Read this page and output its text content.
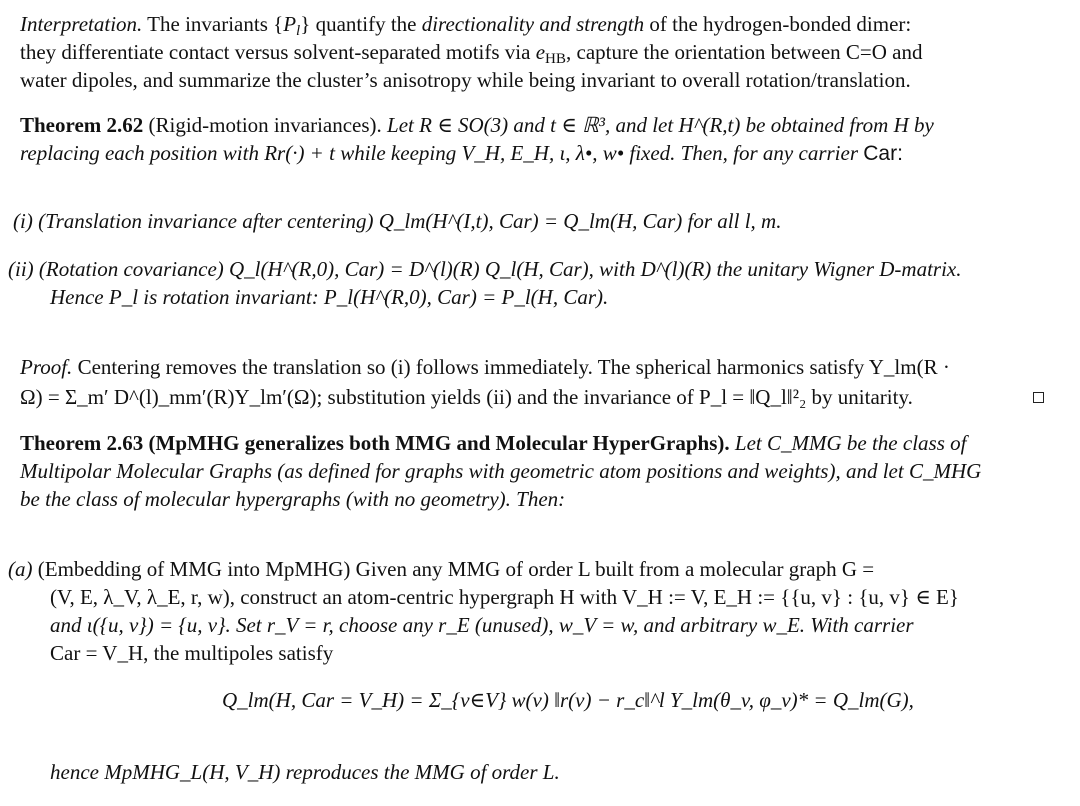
Interpretation. The invariants $\{P_l\}$ quantify the directionality and strength of the hydrogen-bonded dimer:
they differentiate contact versus solvent-separated motifs via $e_{HB}$, capture the orientation between C=O and
water dipoles, and summarize the cluster’s anisotropy while being invariant to overall rotation/translation.
Theorem 2.62 (Rigid-motion invariances). Let R ∈ SO(3) and t ∈ ℝ³, and let H^(R,t) be obtained from H by
replacing each position with Rr(·) + t while keeping V_H, E_H, ι, λ•, w• fixed. Then, for any carrier Car:
(i) (Translation invariance after centering) Q_lm(H^(I,t), Car) = Q_lm(H, Car) for all l, m.
(ii) (Rotation covariance) Q_l(H^(R,0), Car) = D^(l)(R) Q_l(H, Car), with D^(l)(R) the unitary Wigner D-matrix.
Hence P_l is rotation invariant: P_l(H^(R,0), Car) = P_l(H, Car).
Proof. Centering removes the translation so (i) follows immediately. The spherical harmonics satisfy Y_lm(R ·
Ω) = Σ_m′ D^(l)_mm′(R)Y_lm′(Ω); substitution yields (ii) and the invariance of P_l = ‖Q_l‖²₂ by unitarity.
Theorem 2.63 (MpMHG generalizes both MMG and Molecular HyperGraphs). Let C_MMG be the class of
Multipolar Molecular Graphs (as defined for graphs with geometric atom positions and weights), and let C_MHG
be the class of molecular hypergraphs (with no geometry). Then:
(a) (Embedding of MMG into MpMHG) Given any MMG of order L built from a molecular graph G =
(V, E, λ_V, λ_E, r, w), construct an atom-centric hypergraph H with V_H := V, E_H := {{u, v} : {u, v} ∈ E}
and ι({u, v}) = {u, v}. Set r_V = r, choose any r_E (unused), w_V = w, and arbitrary w_E. With carrier
Car = V_H, the multipoles satisfy
Q_lm(H, Car = V_H) = Σ_{v∈V} w(v) ‖r(v) − r_c‖^l Y_lm(θ_v, φ_v)* = Q_lm(G),
hence MpMHG_L(H, V_H) reproduces the MMG of order L.
